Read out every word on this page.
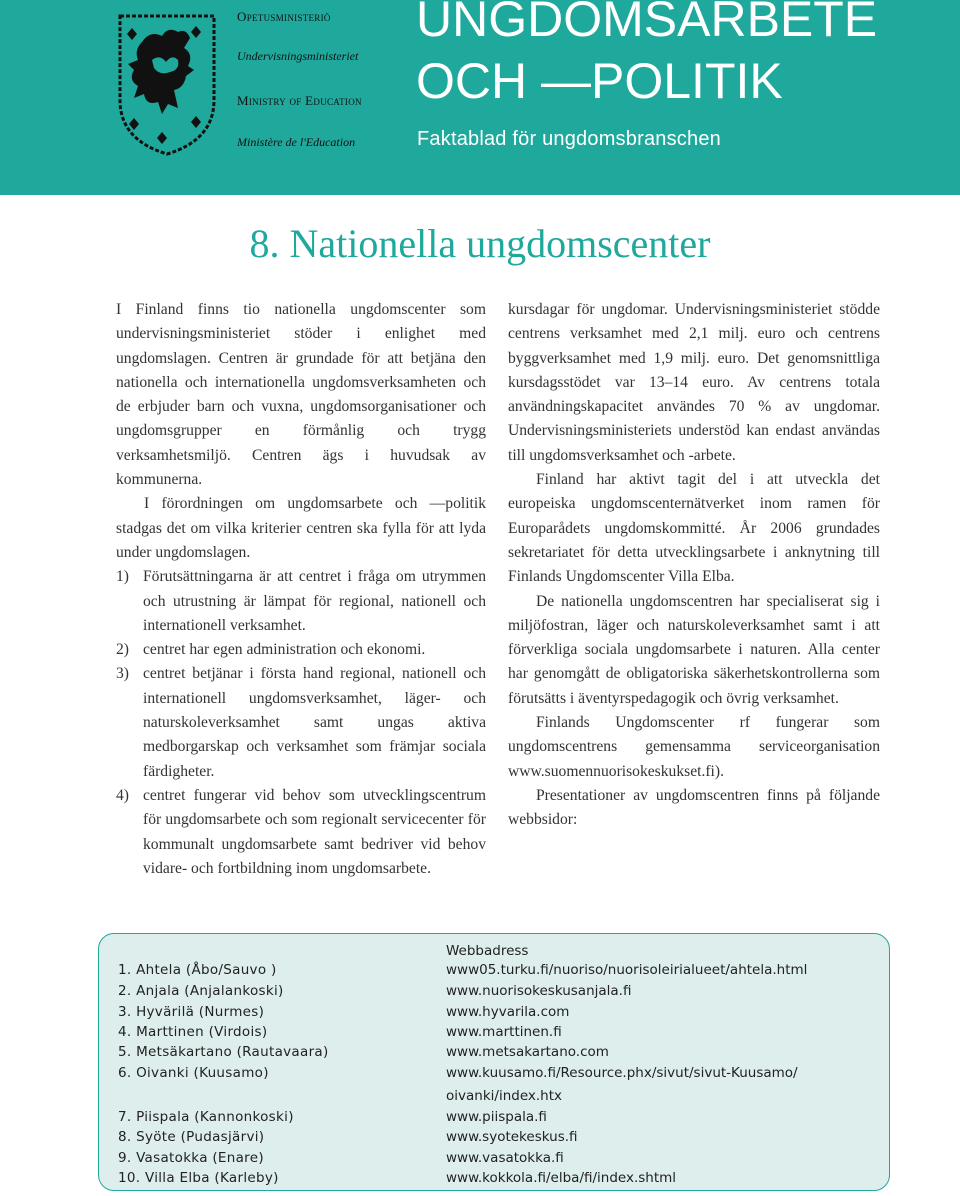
Opetusministeriö
Undervisningsministeriet
Ministry of Education
Ministère de l'Education
UNGDOMSARBETE
OCH —POLITIK
Faktablad för ungdomsbranschen
8. Nationella ungdomscenter

I Finland finns tio nationella ungdomscenter som undervisningsministeriet stöder i enlighet med ungdomslagen. Centren är grundade för att betjäna den nationella och internationella ungdomsverksamheten och de erbjuder barn och vuxna, ungdomsorganisationer och ungdomsgrupper en förmånlig och trygg verksamhetsmiljö. Centren ägs i huvudsak av kommunerna.

I förordningen om ungdomsarbete och —politik stadgas det om vilka kriterier centren ska fylla för att lyda under ungdomslagen.

1) Förutsättningarna är att centret i fråga om utrymmen och utrustning är lämpat för regional, nationell och internationell verksamhet.
2) centret har egen administration och ekonomi.
3) centret betjänar i första hand regional, nationell och internationell ungdomsverksamhet, läger- och naturskoleverksamhet samt ungas aktiva medborgarskap och verksamhet som främjar sociala färdigheter.
4) centret fungerar vid behov som utvecklingscentrum för ungdomsarbete och som regionalt servicecenter för kommunalt ungdomsarbete samt bedriver vid behov vidare- och fortbildning inom ungdomsarbete.

kursdagar för ungdomar. Undervisningsministeriet stödde centrens verksamhet med 2,1 milj. euro och centrens byggverksamhet med 1,9 milj. euro. Det genomsnittliga kursdagsstödet var 13–14 euro. Av centrens totala användningskapacitet användes 70 % av ungdomar. Undervisningsministeriets understöd kan endast användas till ungdomsverksamhet och -arbete.

Finland har aktivt tagit del i att utveckla det europeiska ungdomscenternätverket inom ramen för Europarådets ungdomskommitté. År 2006 grundades sekretariatet för detta utvecklingsarbete i anknytning till Finlands Ungdomscenter Villa Elba.

De nationella ungdomscentren har specialiserat sig i miljöfostran, läger och naturskoleverksamhet samt i att förverkliga sociala ungdomsarbete i naturen. Alla center har genomgått de obligatoriska säkerhetskontrollerna som förutsätts i äventyrspedagogik och övrig verksamhet.

Finlands Ungdomscenter rf fungerar som ungdomscentrens gemensamma serviceorganisation www.suomennuorisokeskukset.fi).

Presentationer av ungdomscentren finns på följande webbsidor:

Webbadress
1. Ahtela (Åbo/Sauvo )	www05.turku.fi/nuoriso/nuorisoleirialueet/ahtela.html
2. Anjala (Anjalankoski)	www.nuorisokeskusanjala.fi
3. Hyvärilä (Nurmes)	www.hyvarila.com
4. Marttinen (Virdois)	www.marttinen.fi
5. Metsäkartano (Rautavaara)	www.metsakartano.com
6. Oivanki (Kuusamo)	www.kuusamo.fi/Resource.phx/sivut/sivut-Kuusamo/
oivanki/index.htx
7. Piispala (Kannonkoski)	www.piispala.fi
8. Syöte (Pudasjärvi)	www.syotekeskus.fi
9. Vasatokka (Enare)	www.vasatokka.fi
10. Villa Elba (Karleby)	www.kokkola.fi/elba/fi/index.shtml
